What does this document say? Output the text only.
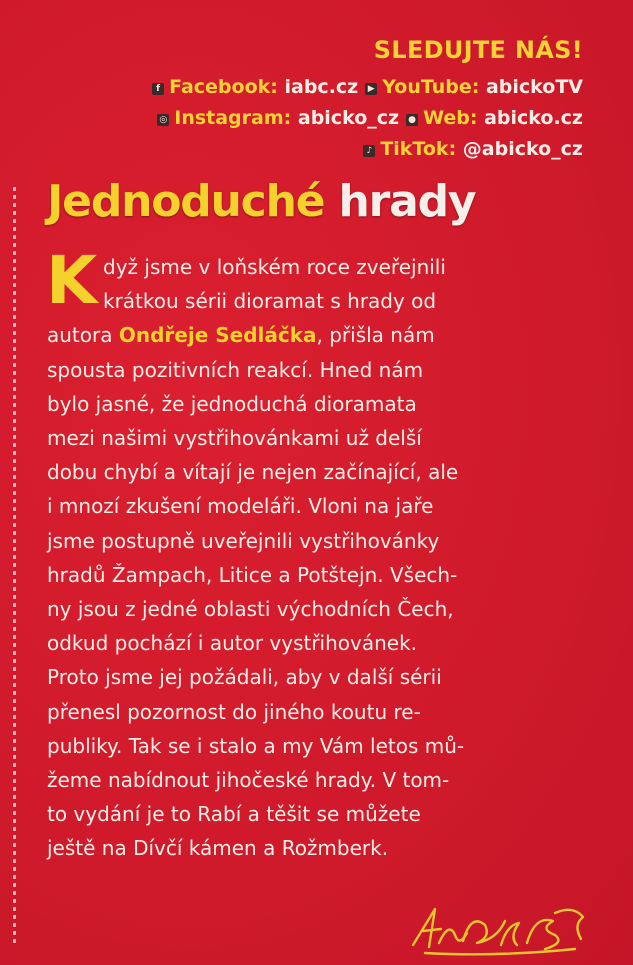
SLEDUJTE NÁS!
f Facebook: iabc.cz ▶ YouTube: abickoTV
◎ Instagram: abicko_cz ● Web: abicko.cz
♪ TikTok: @abicko_cz
Jednoduché hrady
K dyž jsme v loňském roce zveřejnili
krátkou sérii dioramat s hrady od
autora Ondřeje Sedláčka, přišla nám
spousta pozitivních reakcí. Hned nám
bylo jasné, že jednoduchá dioramata
mezi našimi vystřihovánkami už delší
dobu chybí a vítají je nejen začínající, ale
i mnozí zkušení modeláři. Vloni na jaře
jsme postupně uveřejnili vystřihovánky
hradů Žampach, Litice a Potštejn. Všech-
ny jsou z jedné oblasti východních Čech,
odkud pochází i autor vystřihovánek.
Proto jsme jej požádali, aby v další sérii
přenesl pozornost do jiného koutu re-
publiky. Tak se i stalo a my Vám letos mů-
žeme nabídnout jihočeské hrady. V tom-
to vydání je to Rabí a těšit se můžete
ještě na Dívčí kámen a Rožmberk.
